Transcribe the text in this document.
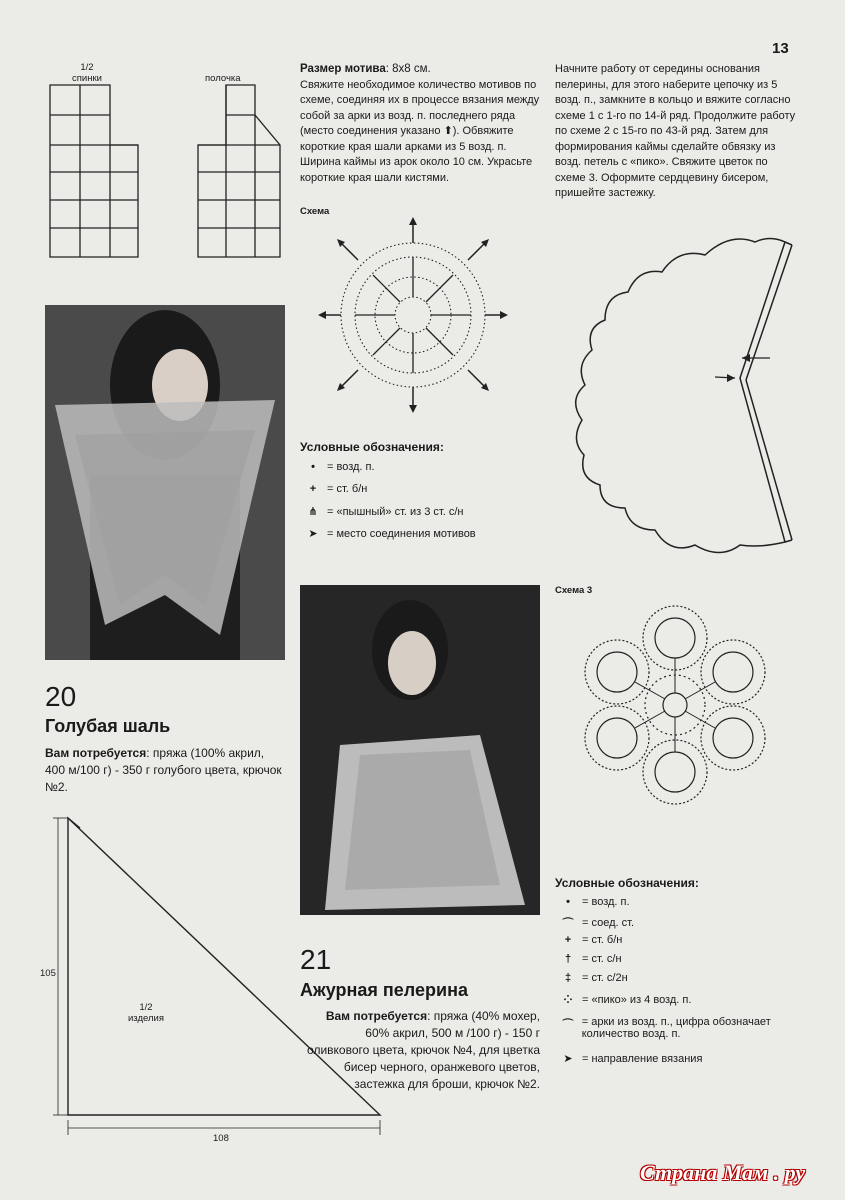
13
1/2
спинки	полочка
Размер мотива: 8x8 см.
Свяжите необходимое количество мотивов по схеме, соединяя их в процессе вязания между собой за арки из возд. п. последнего ряда (место соединения указано ⬆). Обвяжите короткие края шали арками из 5 возд. п. Ширина каймы из арок около 10 см. Украсьте короткие края шали кистями.
Схема
Условные обозначения:
•	= возд. п.
+ = ст. б/н
⋔ = «пышный» ст. из 3 ст. с/н
➤ = место соединения мотивов
Начните работу от середины основания пелерины, для этого наберите цепочку из 5 возд. п., замкните в кольцо и вяжите согласно схеме 1 с 1-го по 14-й ряд. Продолжите работу по схеме 2 с 15-го по 43-й ряд. Затем для формирования каймы сделайте обвязку из возд. петель с «пико». Свяжите цветок по схеме 3. Оформите сердцевину бисером, пришейте застежку.
Схема 3
Условные обозначения:
•	= возд. п.
⌒ = соед. ст.
+ = ст. б/н
† = ст. с/н
‡ = ст. с/2н
⁘ = «пико» из 4 возд. п.
⌒ = арки из возд. п., цифра обозначает количество возд. п.
➤ = направление вязания
20
Голубая шаль
Вам потребуется: пряжа (100% акрил, 400 м/100 г) - 350 г голубого цвета, крючок №2.
105
1/2
изделия
108
21
Ажурная пелерина
Вам потребуется: пряжа (40% мохер, 60% акрил, 500 м /100 г) - 150 г оливкового цвета, крючок №4, для цветка бисер черного, оранжевого цветов, застежка для броши, крючок №2.
Страна Мам . ру
